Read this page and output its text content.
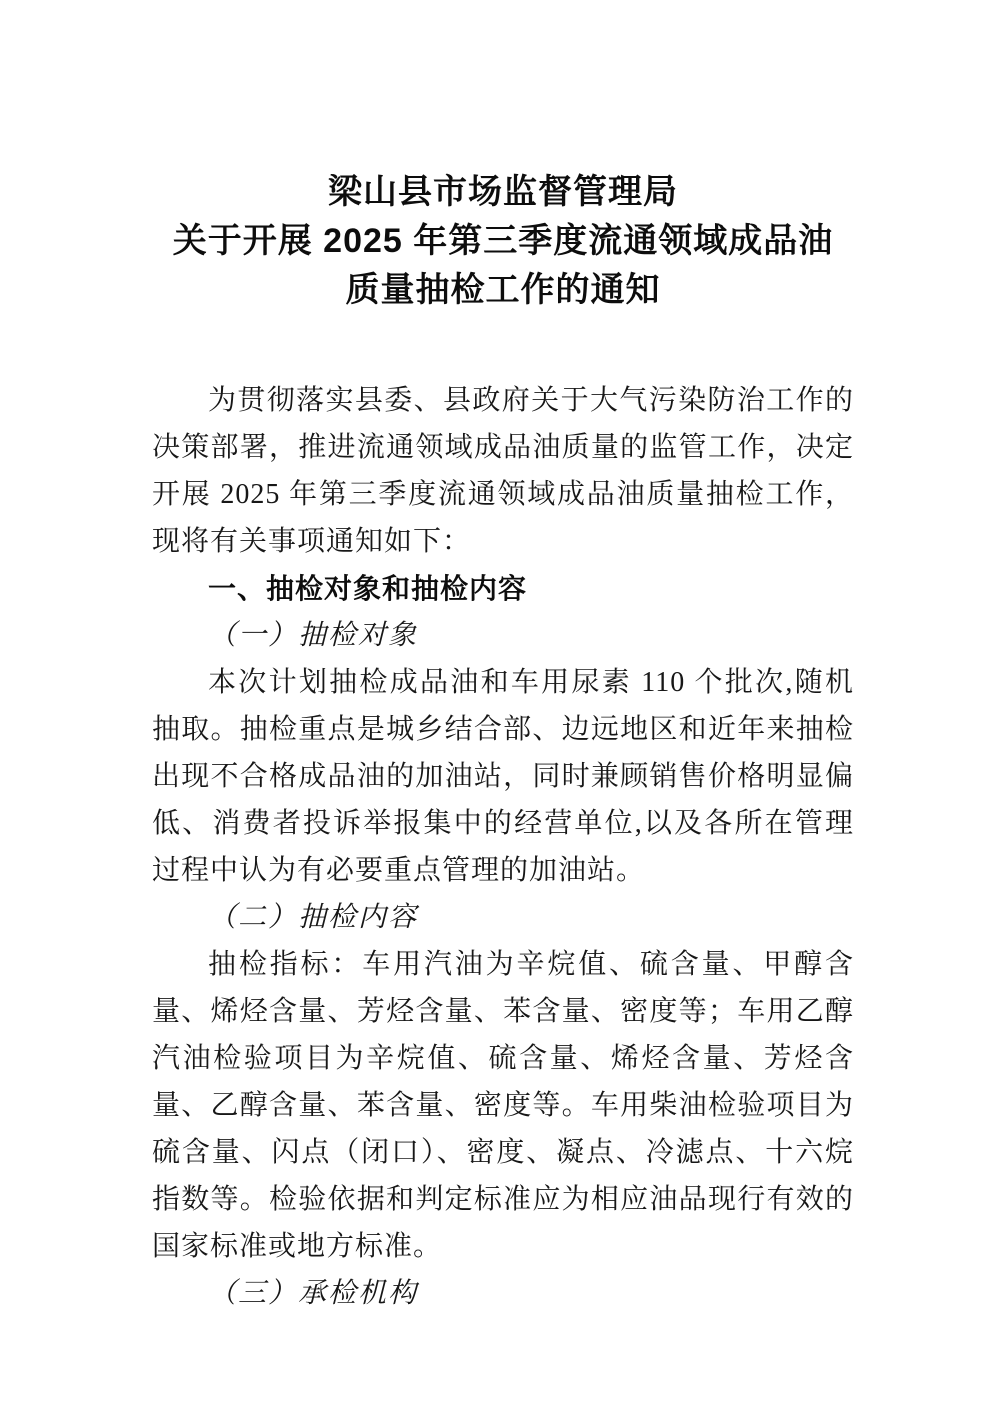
梁山县市场监督管理局
关于开展 2025 年第三季度流通领域成品油
质量抽检工作的通知

为贯彻落实县委、县政府关于大气污染防治工作的决策部署，推进流通领域成品油质量的监管工作，决定开展 2025 年第三季度流通领域成品油质量抽检工作，现将有关事项通知如下：

一、抽检对象和抽检内容

（一）抽检对象

本次计划抽检成品油和车用尿素 110 个批次,随机抽取。抽检重点是城乡结合部、边远地区和近年来抽检出现不合格成品油的加油站，同时兼顾销售价格明显偏低、消费者投诉举报集中的经营单位,以及各所在管理过程中认为有必要重点管理的加油站。

（二）抽检内容

抽检指标：车用汽油为辛烷值、硫含量、甲醇含量、烯烃含量、芳烃含量、苯含量、密度等；车用乙醇汽油检验项目为辛烷值、硫含量、烯烃含量、芳烃含量、乙醇含量、苯含量、密度等。车用柴油检验项目为硫含量、闪点（闭口）、密度、凝点、冷滤点、十六烷指数等。检验依据和判定标准应为相应油品现行有效的国家标准或地方标准。

（三）承检机构
